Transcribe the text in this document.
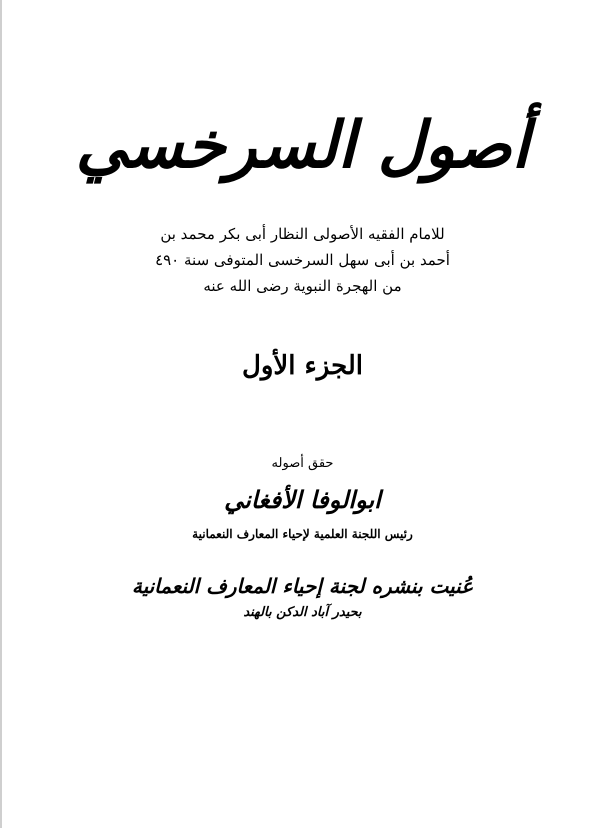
أصول السرخسي
للامام الفقيه الأصولى النظار أبى بكر محمد بن
أحمد بن أبى سهل السرخسى المتوفى سنة ٤٩٠
من الهجرة النبوية رضى الله عنه
الجزء الأول
حقق أصوله
ابوالوفا الأفغاني
رئيس اللجنة العلمية لإحياء المعارف النعمانية
عُنيت بنشره لجنة إحياء المعارف النعمانية
بحيدر آباد الدكن بالهند
